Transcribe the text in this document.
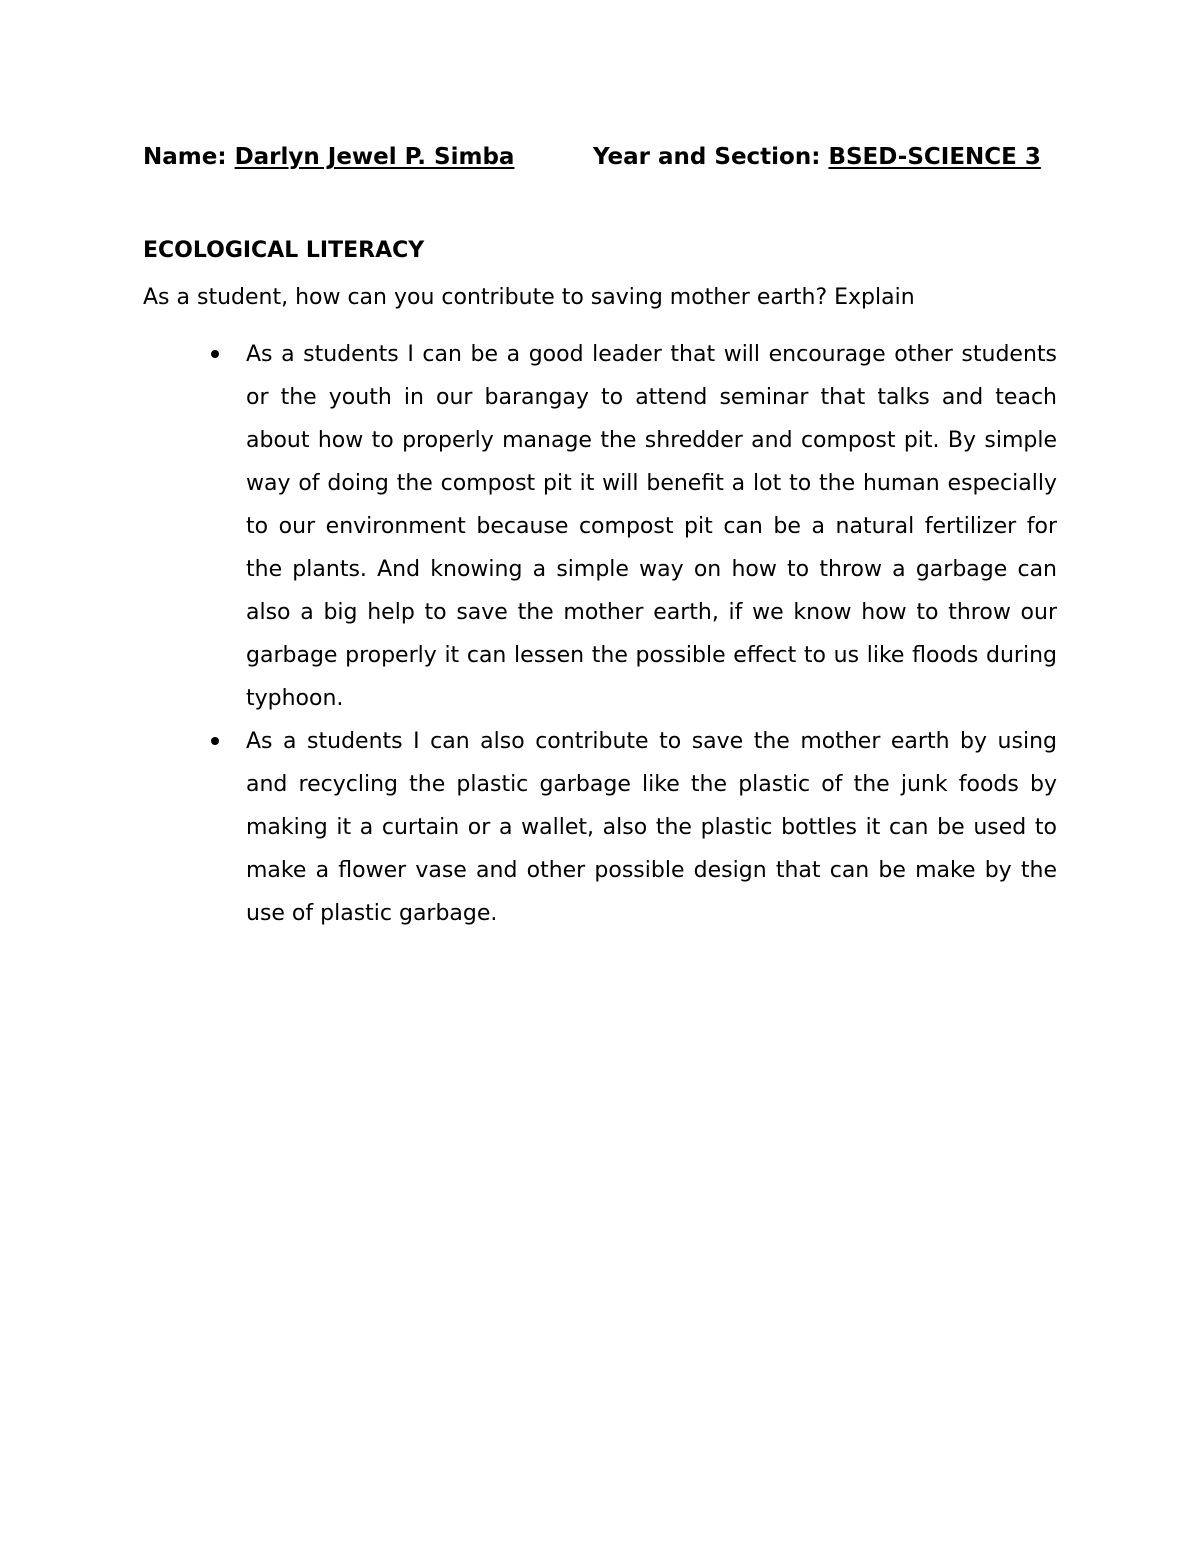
Name: Darlyn Jewel P. Simba	Year and Section: BSED-SCIENCE 3
ECOLOGICAL LITERACY
As a student, how can you contribute to saving mother earth? Explain
As a students I can be a good leader that will encourage other students or the youth in our barangay to attend seminar that talks and teach about how to properly manage the shredder and compost pit. By simple way of doing the compost pit it will benefit a lot to the human especially to our environment because compost pit can be a natural fertilizer for the plants. And knowing a simple way on how to throw a garbage can also a big help to save the mother earth, if we know how to throw our garbage properly it can lessen the possible effect to us like floods during typhoon.
As a students I can also contribute to save the mother earth by using and recycling the plastic garbage like the plastic of the junk foods by making it a curtain or a wallet, also the plastic bottles it can be used to make a flower vase and other possible design that can be make by the use of plastic garbage.
